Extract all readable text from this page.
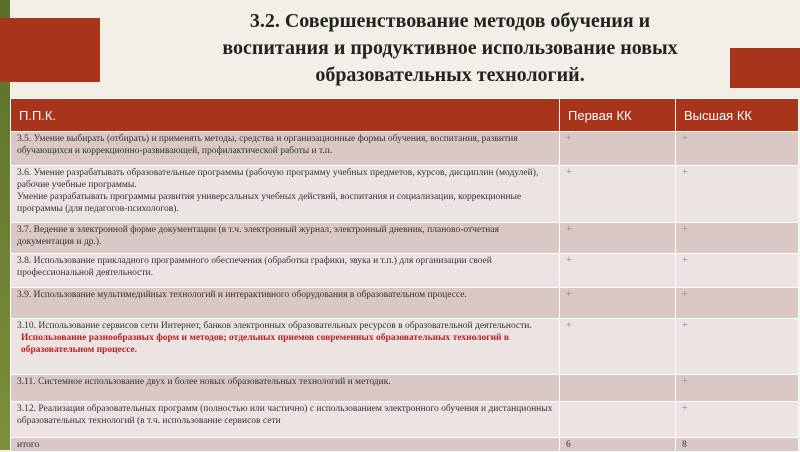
3.2. Совершенствование методов обучения и
воспитания и продуктивное использование новых
образовательных технологий.
П.П.К.	Первая КК	Высшая КК
3.5. Умение выбирать (отбирать) и применять методы, средства и организационные формы обучения, воспитания, развития обучающихся и коррекционно-развивающей, профилактической работы и т.п.	+	+
3.6. Умение разрабатывать образовательные программы (рабочую программу учебных предметов, курсов, дисциплин (модулей), рабочие учебные программы.
Умение разрабатывать программы развития универсальных учебных действий, воспитания и социализации, коррекционные программы (для педагогов-психологов).	+	+
3.7. Ведение в электронной форме документации (в т.ч. электронный журнал, электронный дневник, планово-отчетная документация и др.).	+	+
3.8. Использование прикладного программного обеспечения (обработка графики, звука и т.п.) для организации своей профессиональной деятельности.	+	+
3.9. Использование мультимедийных технологий и интерактивного оборудования в образовательном процессе.	+	+
3.10. Использование сервисов сети Интернет, банков электронных образовательных ресурсов в образовательной деятельности.
Использование разнообразных форм и методов; отдельных приемов современных образовательных технологий в образовательном процессе.	+	+
3.11. Системное использование двух и более новых образовательных технологий и методик.		+
3.12. Реализация образовательных программ (полностью или частично) с использованием электронного обучения и дистанционных образовательных технологий (в т.ч. использование сервисов сети		+
итого	6	8
